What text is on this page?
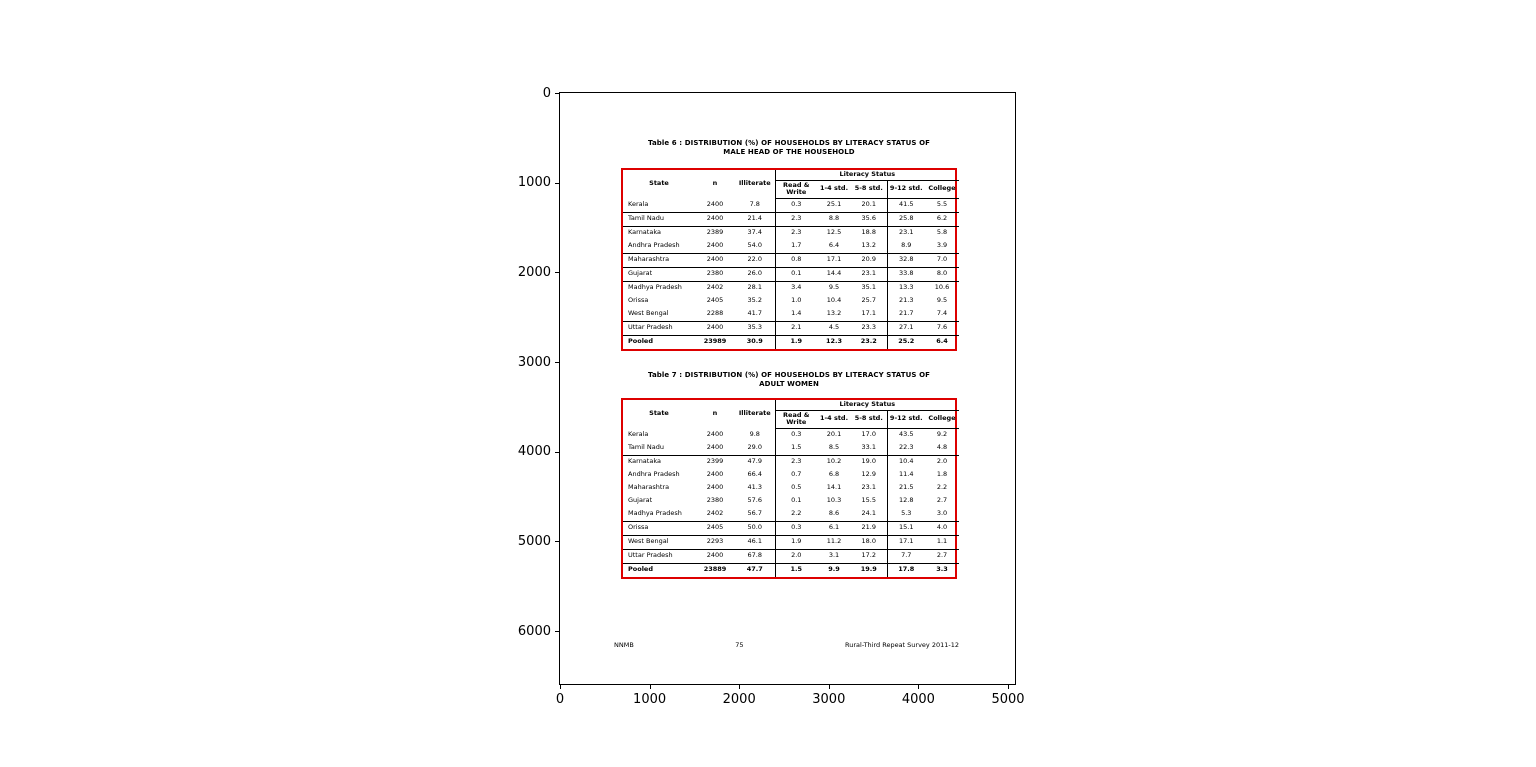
0
1000
2000
3000
4000
5000
6000
0	1000	2000	3000	4000	5000
Table 6 : DISTRIBUTION (%) OF HOUSEHOLDS BY LITERACY STATUS OF
MALE HEAD OF THE HOUSEHOLD
State	n	Illiterate	Literacy Status				
			Read & Write	1-4 std.	5-8 std.	9-12 std.	College
Kerala	2400	7.8	0.3	25.1	20.1	41.5	5.5
Tamil Nadu	2400	21.4	2.3	8.8	35.6	25.8	6.2
Karnataka	2389	37.4	2.3	12.5	18.8	23.1	5.8
Andhra Pradesh	2400	54.0	1.7	6.4	13.2	8.9	3.9
Maharashtra	2400	22.0	0.8	17.1	20.9	32.8	7.0
Gujarat	2380	26.0	0.1	14.4	23.1	33.8	8.0
Madhya Pradesh	2402	28.1	3.4	9.5	35.1	13.3	10.6
Orissa	2405	35.2	1.0	10.4	25.7	21.3	9.5
West Bengal	2288	41.7	1.4	13.2	17.1	21.7	7.4
Uttar Pradesh	2400	35.3	2.1	4.5	23.3	27.1	7.6
Pooled	23989	30.9	1.9	12.3	23.2	25.2	6.4
Table 7 : DISTRIBUTION (%) OF HOUSEHOLDS BY LITERACY STATUS OF
ADULT WOMEN
State	n	Illiterate	Literacy Status				
			Read & Write	1-4 std.	5-8 std.	9-12 std.	College
Kerala	2400	9.8	0.3	20.1	17.0	43.5	9.2
Tamil Nadu	2400	29.0	1.5	8.5	33.1	22.3	4.8
Karnataka	2399	47.9	2.3	10.2	19.0	10.4	2.0
Andhra Pradesh	2400	66.4	0.7	6.8	12.9	11.4	1.8
Maharashtra	2400	41.3	0.5	14.1	23.1	21.5	2.2
Gujarat	2380	57.6	0.1	10.3	15.5	12.8	2.7
Madhya Pradesh	2402	56.7	2.2	8.6	24.1	5.3	3.0
Orissa	2405	50.0	0.3	6.1	21.9	15.1	4.0
West Bengal	2293	46.1	1.9	11.2	18.0	17.1	1.1
Uttar Pradesh	2400	67.8	2.0	3.1	17.2	7.7	2.7
Pooled	23889	47.7	1.5	9.9	19.9	17.8	3.3
NNMB	75	Rural-Third Repeat Survey 2011-12
